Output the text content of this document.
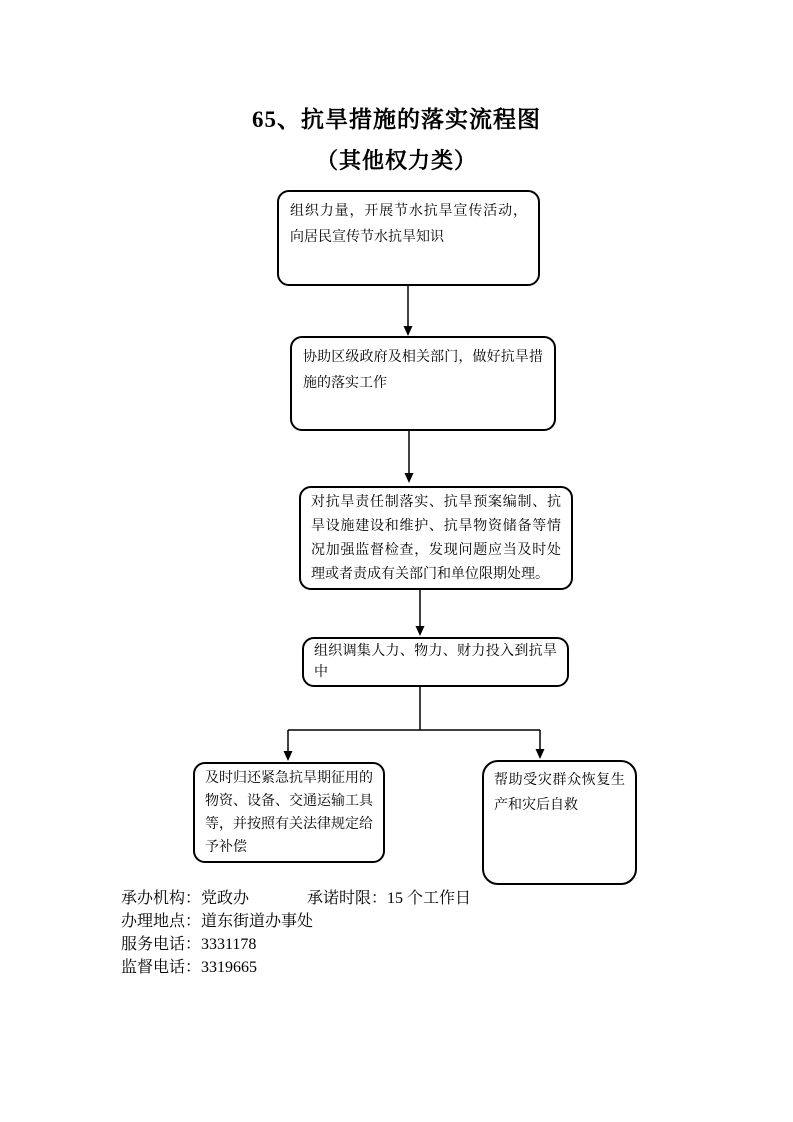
65、抗旱措施的落实流程图
（其他权力类）
组织力量，开展节水抗旱宣传活动，向居民宣传节水抗旱知识
协助区级政府及相关部门，做好抗旱措施的落实工作
对抗旱责任制落实、抗旱预案编制、抗旱设施建设和维护、抗旱物资储备等情况加强监督检查，发现问题应当及时处理或者责成有关部门和单位限期处理。
组织调集人力、物力、财力投入到抗旱中
及时归还紧急抗旱期征用的物资、设备、交通运输工具等，并按照有关法律规定给予补偿
帮助受灾群众恢复生产和灾后自救
承办机构：党政办	承诺时限：15 个工作日
办理地点：道东街道办事处
服务电话：3331178
监督电话：3319665
